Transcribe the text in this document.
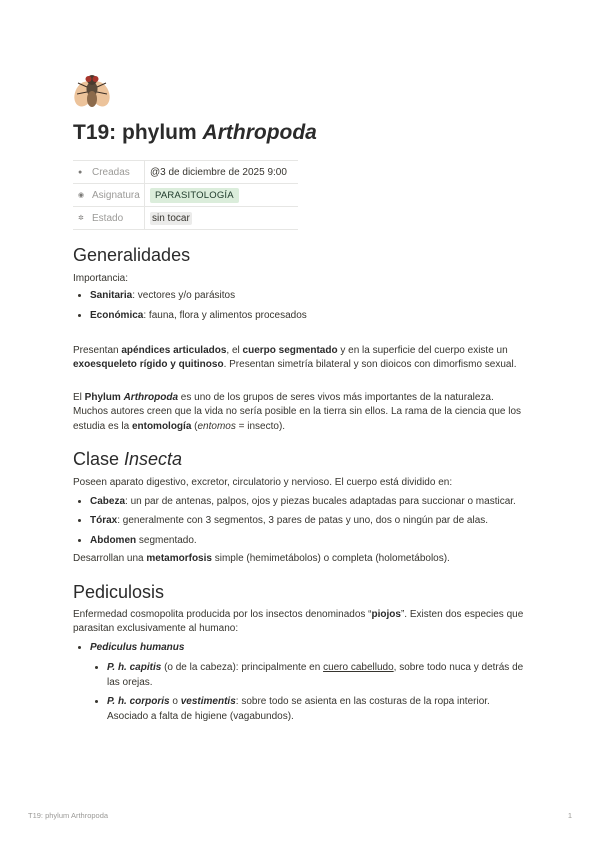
T19: phylum Arthropoda
● Creadas	@3 de diciembre de 2025 9:00
◉ Asignatura	PARASITOLOGÍA
✲ Estado	sin tocar
Generalidades

Importancia:

• Sanitaria: vectores y/o parásitos
• Económica: fauna, flora y alimentos procesados

Presentan apéndices articulados, el cuerpo segmentado y en la superficie del cuerpo existe un exoesqueleto rígido y quitinoso. Presentan simetría bilateral y son dioicos con dimorfismo sexual.

El Phylum Arthropoda es uno de los grupos de seres vivos más importantes de la naturaleza. Muchos autores creen que la vida no sería posible en la tierra sin ellos. La rama de la ciencia que los estudia es la entomología (entomos = insecto).

Clase Insecta

Poseen aparato digestivo, excretor, circulatorio y nervioso. El cuerpo está dividido en:

• Cabeza: un par de antenas, palpos, ojos y piezas bucales adaptadas para succionar o masticar.
• Tórax: generalmente con 3 segmentos, 3 pares de patas y uno, dos o ningún par de alas.
• Abdomen segmentado.

Desarrollan una metamorfosis simple (hemimetábolos) o completa (holometábolos).

Pediculosis

Enfermedad cosmopolita producida por los insectos denominados “piojos”. Existen dos especies que parasitan exclusivamente al humano:

• Pediculus humanus
• P. h. capitis (o de la cabeza): principalmente en cuero cabelludo, sobre todo nuca y detrás de las orejas.
• P. h. corporis o vestimentis: sobre todo se asienta en las costuras de la ropa interior. Asociado a falta de higiene (vagabundos).
T19: phylum Arthropoda	1
